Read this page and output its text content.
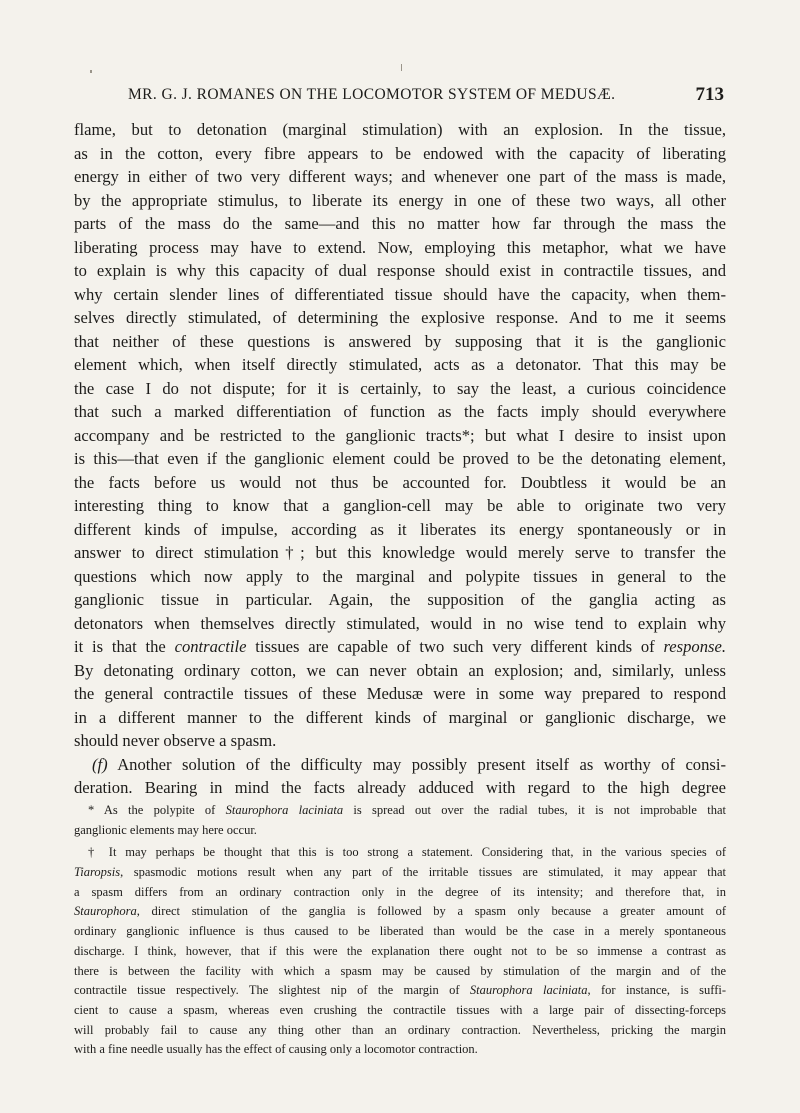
MR. G. J. ROMANES ON THE LOCOMOTOR SYSTEM OF MEDUSÆ.	713
flame, but to detonation (marginal stimulation) with an explosion. In the tissue,
as in the cotton, every fibre appears to be endowed with the capacity of liberating
energy in either of two very different ways; and whenever one part of the mass is made,
by the appropriate stimulus, to liberate its energy in one of these two ways, all other
parts of the mass do the same—and this no matter how far through the mass the
liberating process may have to extend. Now, employing this metaphor, what we have
to explain is why this capacity of dual response should exist in contractile tissues, and
why certain slender lines of differentiated tissue should have the capacity, when them-
selves directly stimulated, of determining the explosive response. And to me it seems
that neither of these questions is answered by supposing that it is the ganglionic
element which, when itself directly stimulated, acts as a detonator. That this may be
the case I do not dispute; for it is certainly, to say the least, a curious coincidence
that such a marked differentiation of function as the facts imply should everywhere
accompany and be restricted to the ganglionic tracts*; but what I desire to insist upon
is this—that even if the ganglionic element could be proved to be the detonating element,
the facts before us would not thus be accounted for. Doubtless it would be an
interesting thing to know that a ganglion-cell may be able to originate two very
different kinds of impulse, according as it liberates its energy spontaneously or in
answer to direct stimulation†; but this knowledge would merely serve to transfer the
questions which now apply to the marginal and polypite tissues in general to the
ganglionic tissue in particular. Again, the supposition of the ganglia acting as
detonators when themselves directly stimulated, would in no wise tend to explain why
it is that the contractile tissues are capable of two such very different kinds of response.
By detonating ordinary cotton, we can never obtain an explosion; and, similarly, unless
the general contractile tissues of these Medusæ were in some way prepared to respond
in a different manner to the different kinds of marginal or ganglionic discharge, we
should never observe a spasm.
(f) Another solution of the difficulty may possibly present itself as worthy of consi-
deration. Bearing in mind the facts already adduced with regard to the high degree
* As the polypite of Staurophora laciniata is spread out over the radial tubes, it is not improbable that
ganglionic elements may here occur.
† It may perhaps be thought that this is too strong a statement. Considering that, in the various species of
Tiaropsis, spasmodic motions result when any part of the irritable tissues are stimulated, it may appear that
a spasm differs from an ordinary contraction only in the degree of its intensity; and therefore that, in
Staurophora, direct stimulation of the ganglia is followed by a spasm only because a greater amount of
ordinary ganglionic influence is thus caused to be liberated than would be the case in a merely spontaneous
discharge. I think, however, that if this were the explanation there ought not to be so immense a contrast as
there is between the facility with which a spasm may be caused by stimulation of the margin and of the
contractile tissue respectively. The slightest nip of the margin of Staurophora laciniata, for instance, is suffi-
cient to cause a spasm, whereas even crushing the contractile tissues with a large pair of dissecting-forceps
will probably fail to cause any thing other than an ordinary contraction. Nevertheless, pricking the margin
with a fine needle usually has the effect of causing only a locomotor contraction.
